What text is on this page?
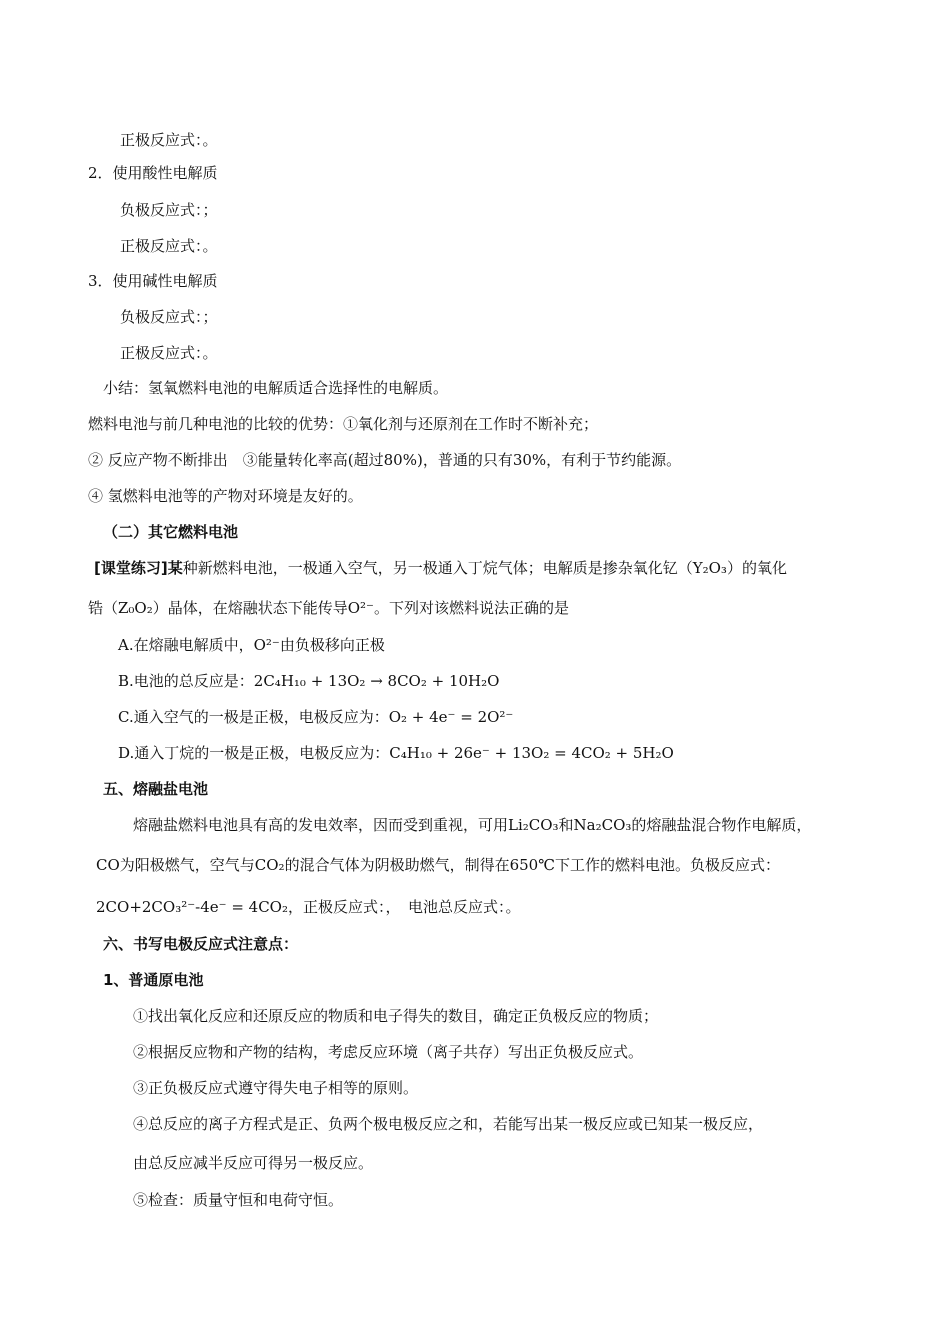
正极反应式：。
2．使用酸性电解质
负极反应式：；
正极反应式：。
3．使用碱性电解质
负极反应式：；
正极反应式：。
小结：氢氧燃料电池的电解质适合选择性的电解质。
燃料电池与前几种电池的比较的优势：①氧化剂与还原剂在工作时不断补充；
② 反应产物不断排出　③能量转化率高(超过80%)，普通的只有30%，有利于节约能源。
④ 氢燃料电池等的产物对环境是友好的。
（二）其它燃料电池
[课堂练习]某种新燃料电池，一极通入空气，另一极通入丁烷气体；电解质是掺杂氧化钇（Y₂O₃）的氧化
锆（Z₀O₂）晶体，在熔融状态下能传导O²⁻。下列对该燃料说法正确的是
A.在熔融电解质中，O²⁻由负极移向正极
B.电池的总反应是：2C₄H₁₀ + 13O₂ → 8CO₂ + 10H₂O
C.通入空气的一极是正极，电极反应为：O₂ + 4e⁻ = 2O²⁻
D.通入丁烷的一极是正极，电极反应为：C₄H₁₀ + 26e⁻ + 13O₂ = 4CO₂ + 5H₂O
五、熔融盐电池
熔融盐燃料电池具有高的发电效率，因而受到重视，可用Li₂CO₃和Na₂CO₃的熔融盐混合物作电解质，
CO为阳极燃气，空气与CO₂的混合气体为阴极助燃气，制得在650℃下工作的燃料电池。负极反应式：
2CO+2CO₃²⁻-4e⁻ = 4CO₂，正极反应式：，　电池总反应式：。
六、书写电极反应式注意点：
1、普通原电池
①找出氧化反应和还原反应的物质和电子得失的数目，确定正负极反应的物质；
②根据反应物和产物的结构，考虑反应环境（离子共存）写出正负极反应式。
③正负极反应式遵守得失电子相等的原则。
④总反应的离子方程式是正、负两个极电极反应之和，若能写出某一极反应或已知某一极反应，
由总反应减半反应可得另一极反应。
⑤检查：质量守恒和电荷守恒。
